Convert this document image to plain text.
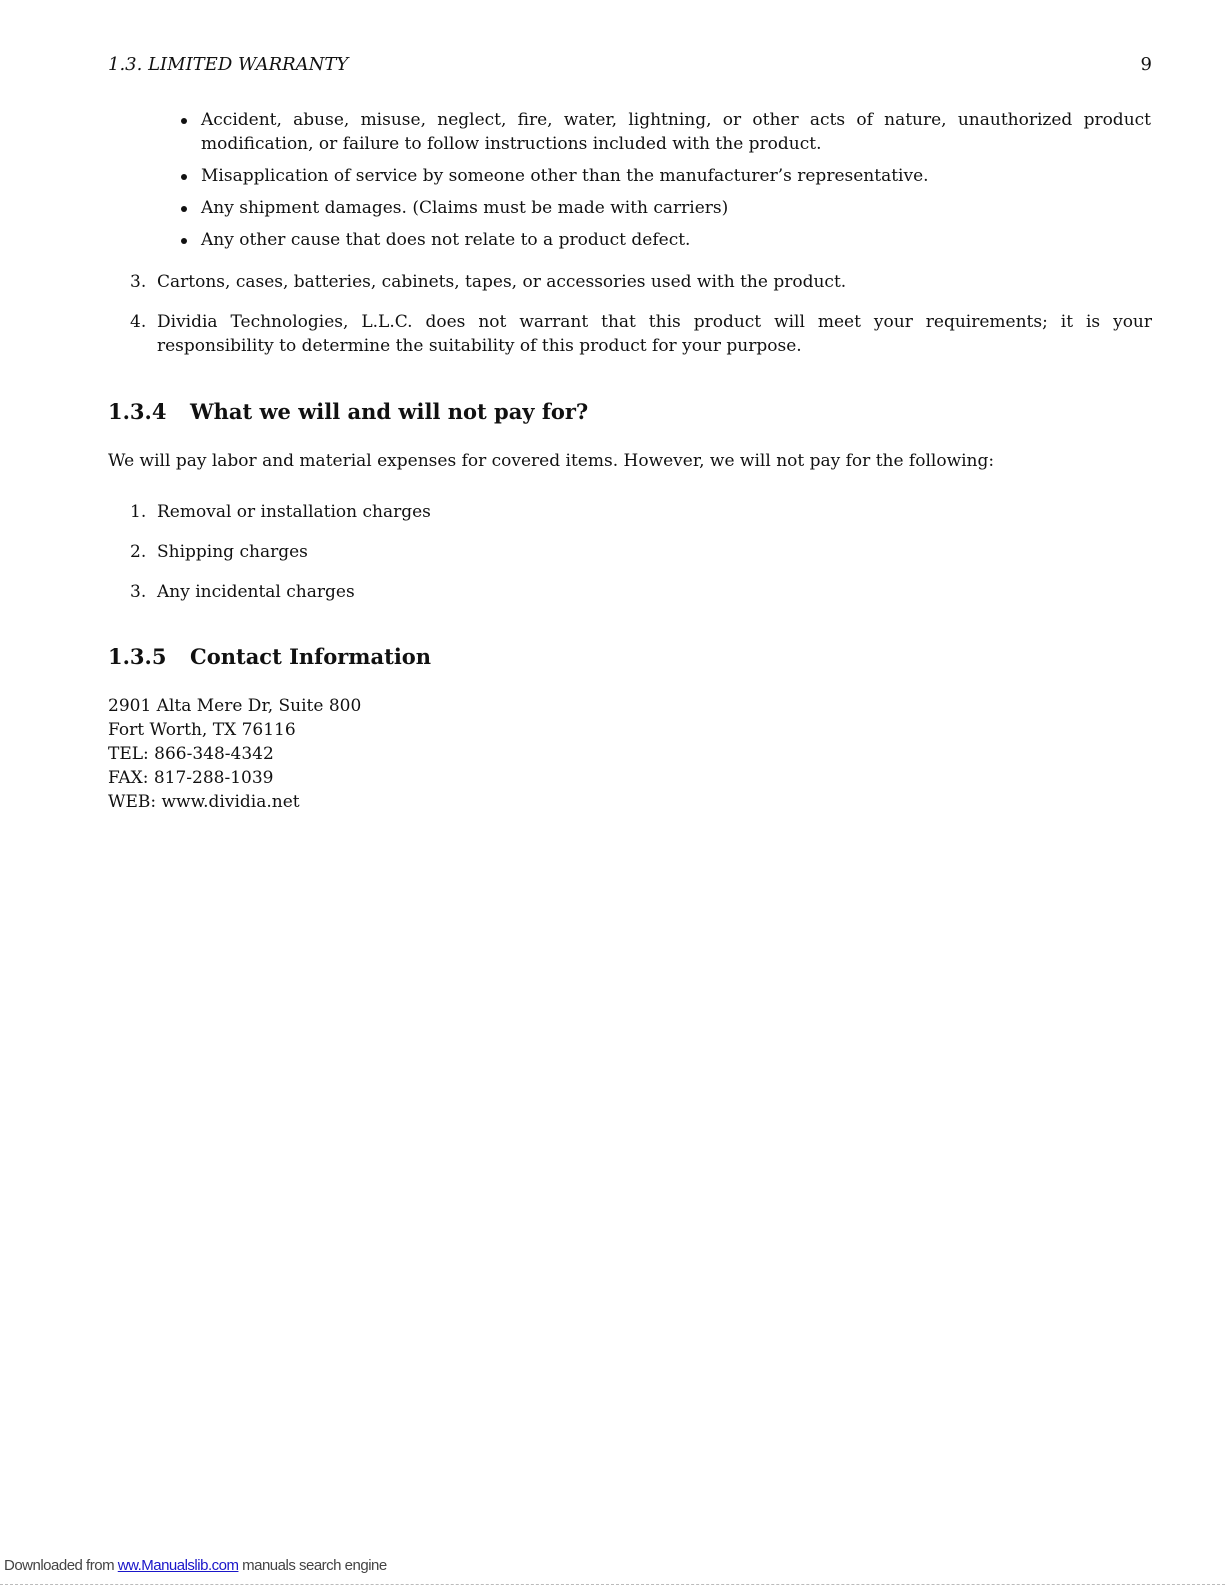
1.3. LIMITED WARRANTY	9
Accident, abuse, misuse, neglect, fire, water, lightning, or other acts of nature, unauthorized product modification, or failure to follow instructions included with the product.
Misapplication of service by someone other than the manufacturer’s representative.
Any shipment damages. (Claims must be made with carriers)
Any other cause that does not relate to a product defect.
3. Cartons, cases, batteries, cabinets, tapes, or accessories used with the product.
4. Dividia Technologies, L.L.C. does not warrant that this product will meet your requirements; it is your responsibility to determine the suitability of this product for your purpose.
1.3.4 What we will and will not pay for?

We will pay labor and material expenses for covered items. However, we will not pay for the following:

1. Removal or installation charges
2. Shipping charges
3. Any incidental charges
1.3.5 Contact Information
2901 Alta Mere Dr, Suite 800
Fort Worth, TX 76116
TEL: 866-348-4342
FAX: 817-288-1039
WEB: www.dividia.net
Downloaded from ww.Manualslib.com manuals search engine
